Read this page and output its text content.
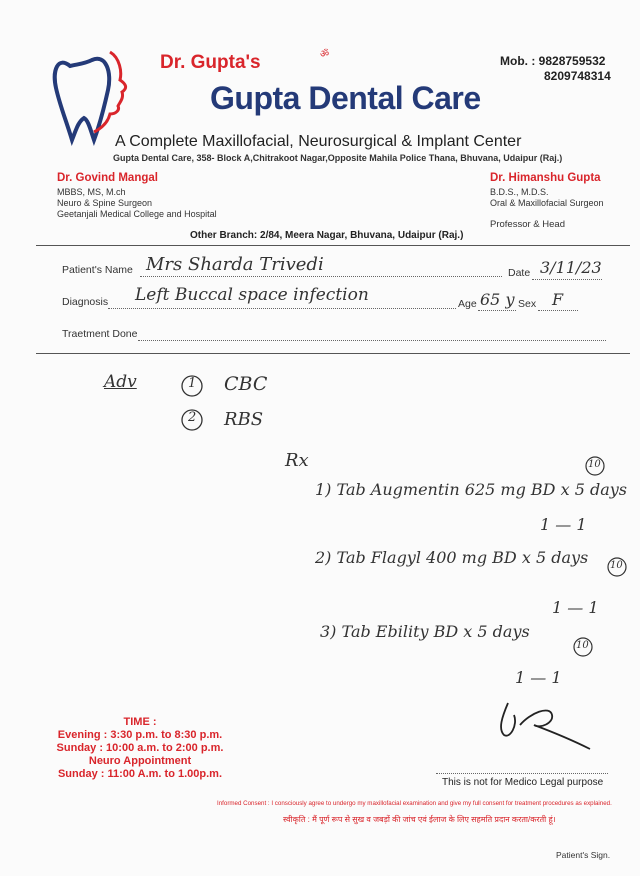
ॐ
Dr. Gupta's	Mob. : 9828759532
8209748314
Gupta Dental Care
A Complete Maxillofacial, Neurosurgical & Implant Center
Gupta Dental Care, 358- Block A,Chitrakoot Nagar,Opposite Mahila Police Thana, Bhuvana, Udaipur (Raj.)
Dr. Govind Mangal
MBBS, MS, M.ch
Neuro & Spine Surgeon
Geetanjali Medical College and Hospital
Dr. Himanshu Gupta
B.D.S., M.D.S.
Oral & Maxillofacial Surgeon
Professor & Head
Other Branch: 2/84, Meera Nagar, Bhuvana, Udaipur (Raj.)
Patient's Name Mrs Sharda Trivedi	Date 3/11/23
Diagnosis Left Buccal space infection	Age 65 y Sex F
Traetment Done
Adv	1 CBC
2 RBS
Rx
1) Tab Augmentin 625 mg BD x 5 days
10
1 — 1
2) Tab Flagyl 400 mg BD x 5 days 10
1 — 1
3) Tab Ebility BD x 5 days
10
1 — 1
TIME :
Evening : 3:30 p.m. to 8:30 p.m.
Sunday : 10:00 a.m. to 2:00 p.m.
Neuro Appointment
Sunday : 11:00 A.m. to 1.00p.m.
This is not for Medico Legal purpose
Informed Consent : I consciously agree to undergo my maxillofacial examination and give my full consent for treatment procedures as explained.
स्वीकृति : मैं पूर्ण रूप से सुख व जबड़ों की जांच एवं ईलाज के लिए सहमति प्रदान करता/करती हूं।
Patient's Sign.
